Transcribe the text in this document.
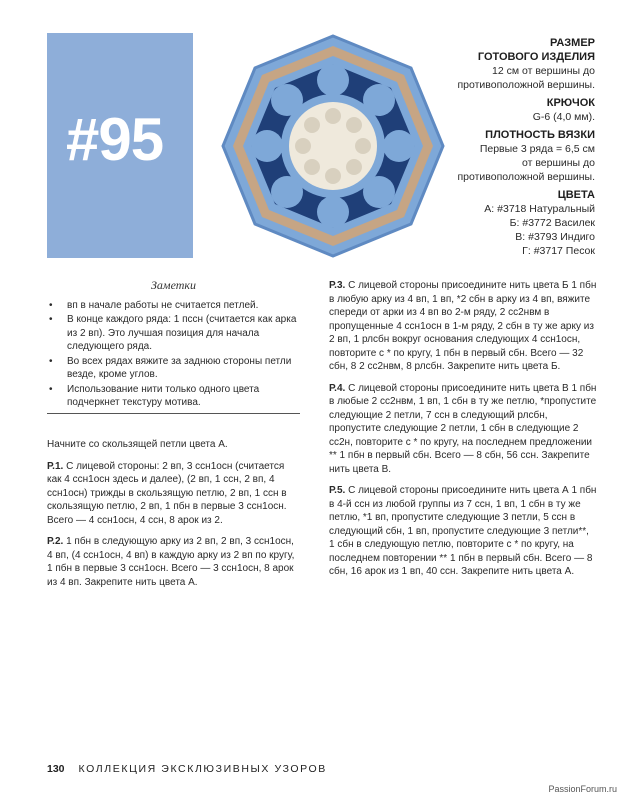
#95
РАЗМЕР
ГОТОВОГО ИЗДЕЛИЯ
12 см от вершины до
противоположной вершины.
КРЮЧОК
G-6 (4,0 мм).
ПЛОТНОСТЬ ВЯЗКИ
Первые 3 ряда = 6,5 см
от вершины до
противоположной вершины.
ЦВЕТА
А: #3718 Натуральный
Б: #3772 Василек
В: #3793 Индиго
Г: #3717 Песок
Заметки
• вп в начале работы не считается петлей.
• В конце каждого ряда: 1 пссн (считается как арка из 2 вп). Это лучшая позиция для начала следующего ряда.
• Во всех рядах вяжите за заднюю стороны петли везде, кроме углов.
• Использование нити только одного цвета подчеркнет текстуру мотива.

Начните со скользящей петли цвета А.

Р.1. С лицевой стороны: 2 вп, 3 ссн1осн (считается как 4 ссн1осн здесь и далее), (2 вп, 1 ссн, 2 вп, 4 ссн1осн) трижды в скользящую петлю, 2 вп, 1 ссн в скользящую петлю, 2 вп, 1 пбн в первые 3 ссн1осн. Всего — 4 ссн1осн, 4 ссн, 8 арок из 2.

Р.2. 1 пбн в следующую арку из 2 вп, 2 вп, 3 ссн1осн, 4 вп, (4 ссн1осн, 4 вп) в каждую арку из 2 вп по кругу, 1 пбн в первые 3 ссн1осн. Всего — 3 ссн1осн, 8 арок из 4 вп. Закрепите нить цвета А.

Р.3. С лицевой стороны присоедините нить цвета Б 1 пбн в любую арку из 4 вп, 1 вп, *2 сбн в арку из 4 вп, вяжите спереди от арки из 4 вп во 2-м ряду, 2 сс2нвм в пропущенные 4 ссн1осн в 1-м ряду, 2 сбн в ту же арку из 2 вп, 1 рлсбн вокруг основания следующих 4 ссн1осн, повторите с * по кругу, 1 пбн в первый сбн. Всего — 32 сбн, 8 2 сс2нвм, 8 рлсбн. Закрепите нить цвета Б.

Р.4. С лицевой стороны присоедините нить цвета В 1 пбн в любые 2 сс2нвм, 1 вп, 1 сбн в ту же петлю, *пропустите следующие 2 петли, 7 ссн в следующий рлсбн, пропустите следующие 2 петли, 1 сбн в следующие 2 сс2н, повторите с * по кругу, на последнем предложении ** 1 пбн в первый сбн. Всего — 8 сбн, 56 ссн. Закрепите нить цвета В.

Р.5. С лицевой стороны присоедините нить цвета А 1 пбн в 4-й ссн из любой группы из 7 ссн, 1 вп, 1 сбн в ту же петлю, *1 вп, пропустите следующие 3 петли, 5 ссн в следующий сбн, 1 вп, пропустите следующие 3 петли**, 1 сбн в следующую петлю, повторите с * по кругу, на последнем повторении ** 1 пбн в первый сбн. Всего — 8 сбн, 16 арок из 1 вп, 40 ссн. Закрепите нить цвета А.

130 КОЛЛЕКЦИЯ ЭКСКЛЮЗИВНЫХ УЗОРОВ
PassionForum.ru
